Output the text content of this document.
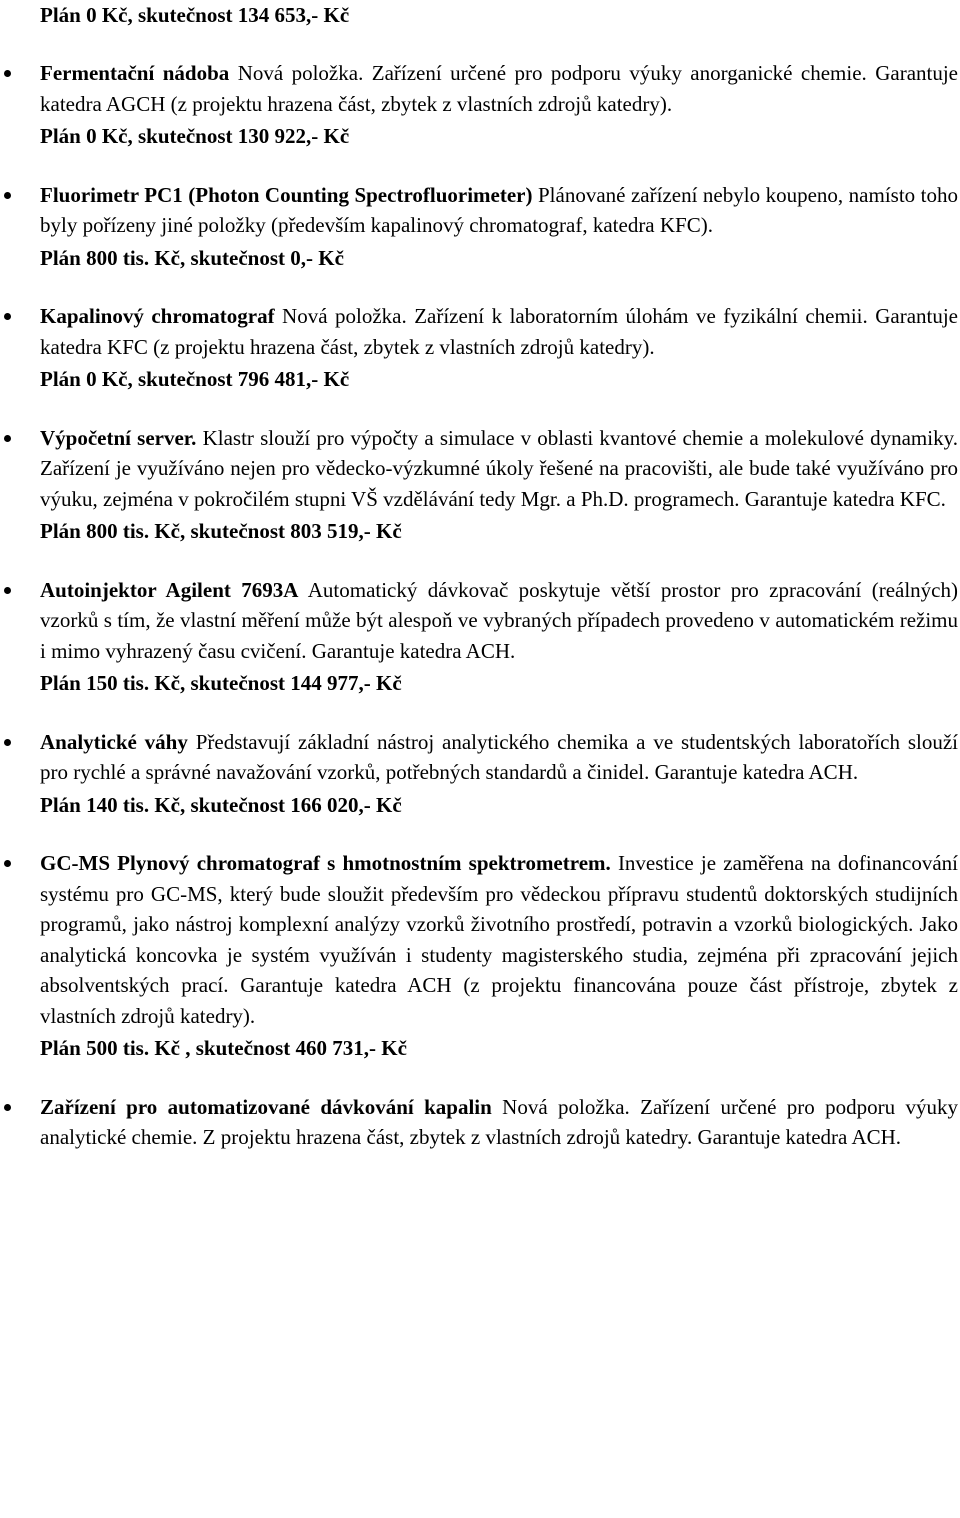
Plán 0 Kč, skutečnost 134 653,- Kč
Fermentační nádoba Nová položka. Zařízení určené pro podporu výuky anorganické chemie. Garantuje katedra AGCH (z projektu hrazena část, zbytek z vlastních zdrojů katedry).
Plán 0 Kč, skutečnost 130 922,- Kč
Fluorimetr PC1 (Photon Counting Spectrofluorimeter) Plánované zařízení nebylo koupeno, namísto toho byly pořízeny jiné položky (především kapalinový chromatograf, katedra KFC).
Plán 800 tis. Kč, skutečnost 0,- Kč
Kapalinový chromatograf Nová položka. Zařízení k laboratorním úlohám ve fyzikální chemii. Garantuje katedra KFC (z projektu hrazena část, zbytek z vlastních zdrojů katedry).
Plán 0 Kč, skutečnost 796 481,- Kč
Výpočetní server. Klastr slouží pro výpočty a simulace v oblasti kvantové chemie a molekulové dynamiky. Zařízení je využíváno nejen pro vědecko-výzkumné úkoly řešené na pracovišti, ale bude také využíváno pro výuku, zejména v pokročilém stupni VŠ vzdělávání tedy Mgr. a Ph.D. programech. Garantuje katedra KFC.
Plán 800 tis. Kč, skutečnost 803 519,- Kč
Autoinjektor Agilent 7693A Automatický dávkovač poskytuje větší prostor pro zpracování (reálných) vzorků s tím, že vlastní měření může být alespoň ve vybraných případech provedeno v automatickém režimu i mimo vyhrazený času cvičení. Garantuje katedra ACH.
Plán 150 tis. Kč, skutečnost 144 977,- Kč
Analytické váhy Představují základní nástroj analytického chemika a ve studentských laboratořích slouží pro rychlé a správné navažování vzorků, potřebných standardů a činidel. Garantuje katedra ACH.
Plán 140 tis. Kč, skutečnost 166 020,- Kč
GC-MS Plynový chromatograf s hmotnostním spektrometrem. Investice je zaměřena na dofinancování systému pro GC-MS, který bude sloužit především pro vědeckou přípravu studentů doktorských studijních programů, jako nástroj komplexní analýzy vzorků životního prostředí, potravin a vzorků biologických. Jako analytická koncovka je systém využíván i studenty magisterského studia, zejména při zpracování jejich absolventských prací. Garantuje katedra ACH (z projektu financována pouze část přístroje, zbytek z vlastních zdrojů katedry).
Plán 500 tis. Kč , skutečnost 460 731,- Kč
Zařízení pro automatizované dávkování kapalin Nová položka. Zařízení určené pro podporu výuky analytické chemie. Z projektu hrazena část, zbytek z vlastních zdrojů katedry. Garantuje katedra ACH.
